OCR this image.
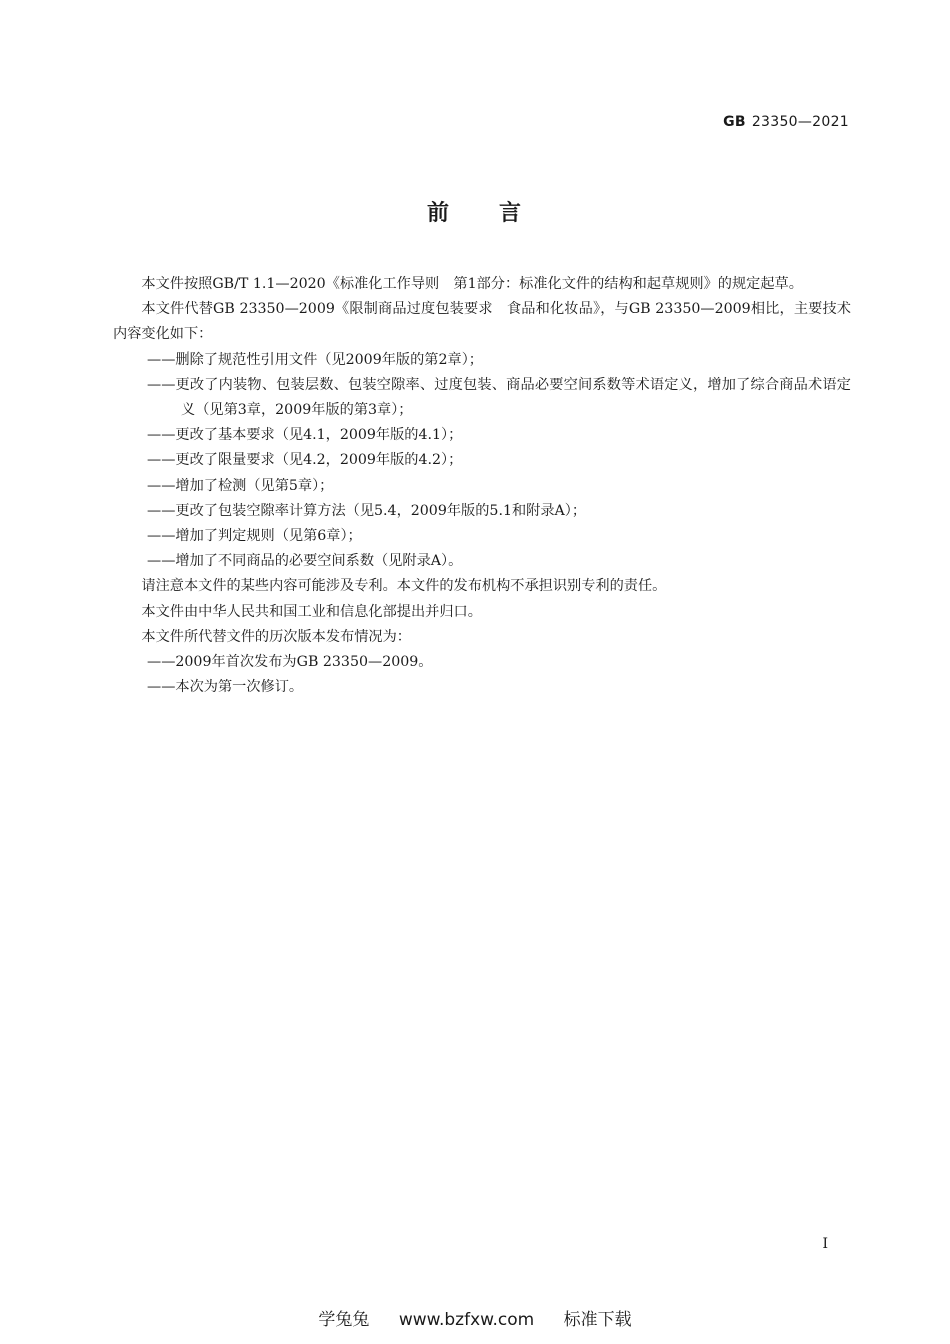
GB 23350—2021
前　　言

本文件按照GB/T 1.1—2020《标准化工作导则　第1部分：标准化文件的结构和起草规则》的规定起草。

本文件代替GB 23350—2009《限制商品过度包装要求　食品和化妆品》，与GB 23350—2009相比，主要技术内容变化如下：

——删除了规范性引用文件（见2009年版的第2章）；

——更改了内装物、包装层数、包装空隙率、过度包装、商品必要空间系数等术语定义，增加了综合商品术语定义（见第3章，2009年版的第3章）；

——更改了基本要求（见4.1，2009年版的4.1）；

——更改了限量要求（见4.2，2009年版的4.2）；

——增加了检测（见第5章）；

——更改了包装空隙率计算方法（见5.4，2009年版的5.1和附录A）；

——增加了判定规则（见第6章）；

——增加了不同商品的必要空间系数（见附录A）。

请注意本文件的某些内容可能涉及专利。本文件的发布机构不承担识别专利的责任。

本文件由中华人民共和国工业和信息化部提出并归口。

本文件所代替文件的历次版本发布情况为：

——2009年首次发布为GB 23350—2009。

——本次为第一次修订。

I
学兔兔 www.bzfxw.com 标准下载
